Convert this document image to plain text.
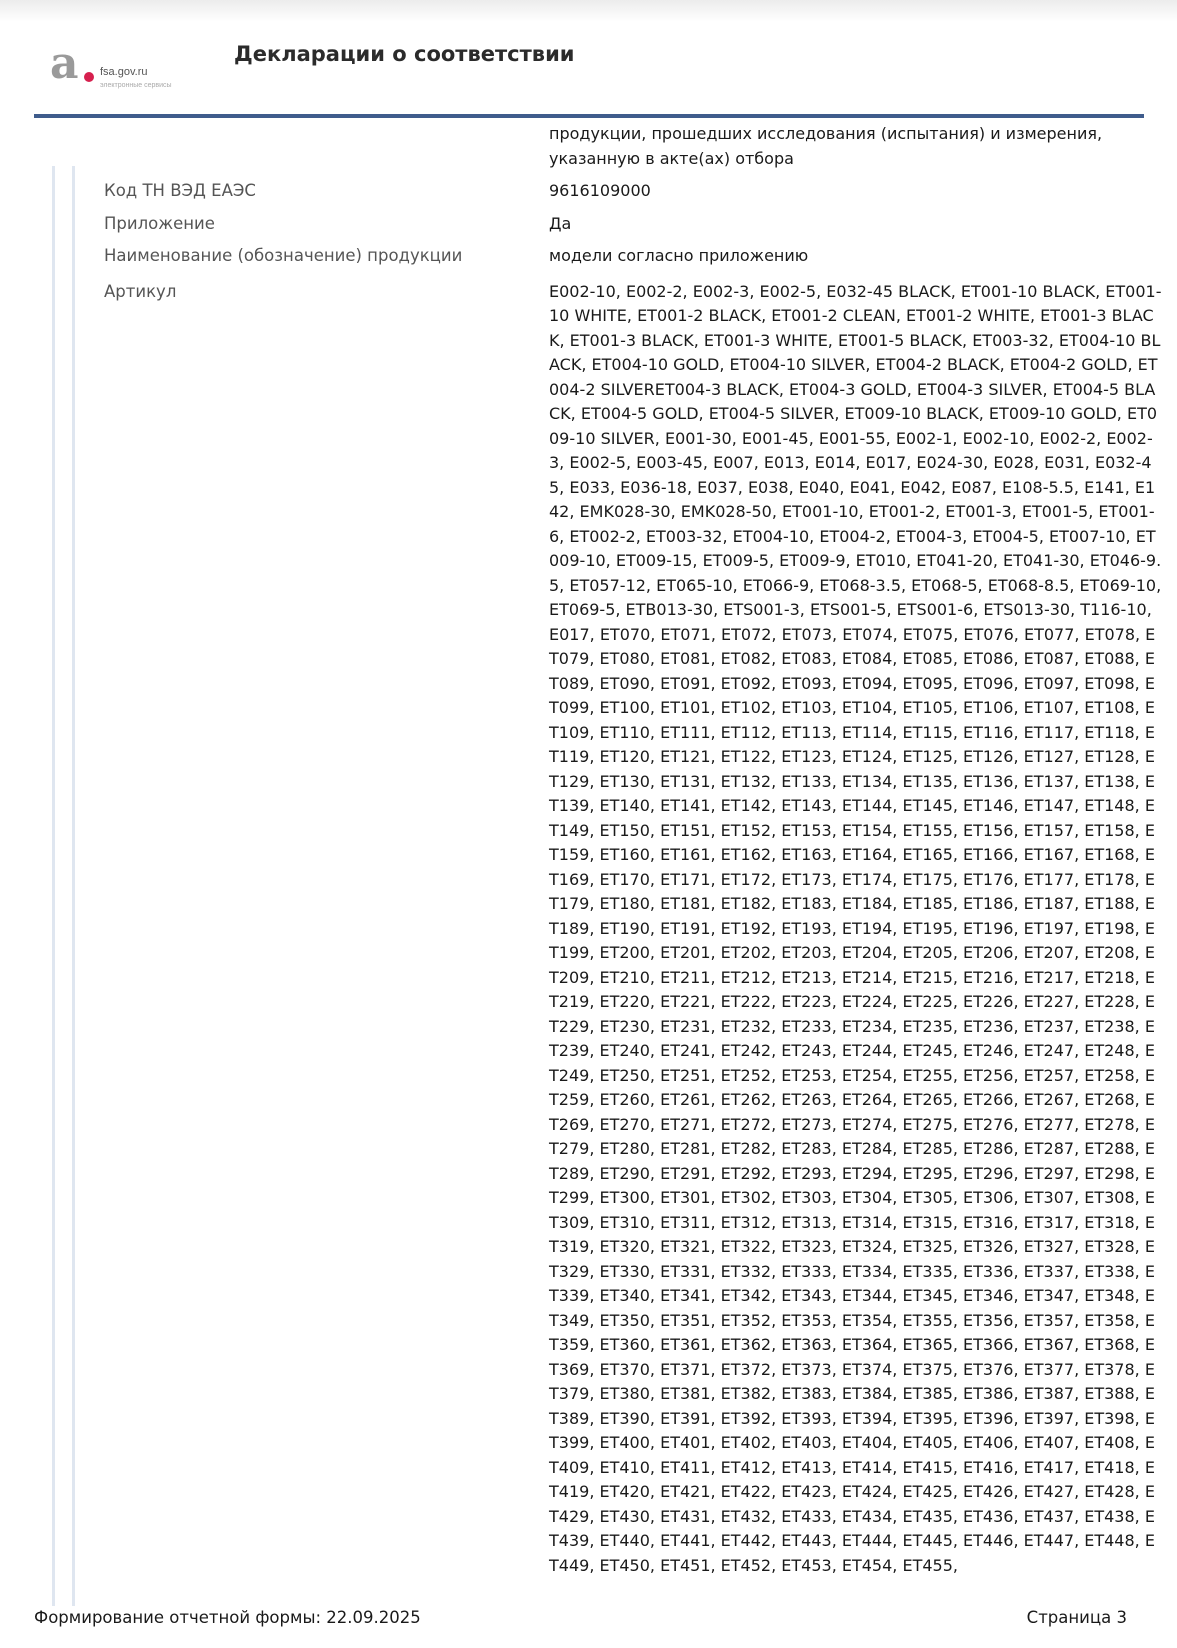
a	fsa.gov.ru
электронные сервисы
Декларации о соответствии
продукции, прошедших исследования (испытания) и измерения, указанную в акте(ах) отбора
Код ТН ВЭД ЕАЭС	9616109000
Приложение	Да
Наименование (обозначение) продукции	модели согласно приложению
Артикул	E002-10, E002-2, E002-3, E002-5, E032-45 BLACK, ET001-10 BLACK, ET001-10 WHITE, ET001-2 BLACK, ET001-2 CLEAN, ET001-2 WHITE, ET001-3 BLACK, ET001-3 BLACK, ET001-3 WHITE, ET001-5 BLACK, ET003-32, ET004-10 BLACK, ET004-10 GOLD, ET004-10 SILVER, ET004-2 BLACK, ET004-2 GOLD, ET004-2 SILVERET004-3 BLACK, ET004-3 GOLD, ET004-3 SILVER, ET004-5 BLACK, ET004-5 GOLD, ET004-5 SILVER, ET009-10 BLACK, ET009-10 GOLD, ET009-10 SILVER, E001-30, E001-45, E001-55, E002-1, E002-10, E002-2, E002-3, E002-5, E003-45, E007, E013, E014, E017, E024-30, E028, E031, E032-45, E033, E036-18, E037, E038, E040, E041, E042, E087, E108-5.5, E141, E142, EMK028-30, EMK028-50, ET001-10, ET001-2, ET001-3, ET001-5, ET001-6, ET002-2, ET003-32, ET004-10, ET004-2, ET004-3, ET004-5, ET007-10, ET009-10, ET009-15, ET009-5, ET009-9, ET010, ET041-20, ET041-30, ET046-9.5, ET057-12, ET065-10, ET066-9, ET068-3.5, ET068-5, ET068-8.5, ET069-10, ET069-5, ETB013-30, ETS001-3, ETS001-5, ETS001-6, ETS013-30, T116-10, E017, ET070, ET071, ET072, ET073, ET074, ET075, ET076, ET077, ET078, ET079, ET080, ET081, ET082, ET083, ET084, ET085, ET086, ET087, ET088, ET089, ET090, ET091, ET092, ET093, ET094, ET095, ET096, ET097, ET098, ET099, ET100, ET101, ET102, ET103, ET104, ET105, ET106, ET107, ET108, ET109, ET110, ET111, ET112, ET113, ET114, ET115, ET116, ET117, ET118, ET119, ET120, ET121, ET122, ET123, ET124, ET125, ET126, ET127, ET128, ET129, ET130, ET131, ET132, ET133, ET134, ET135, ET136, ET137, ET138, ET139, ET140, ET141, ET142, ET143, ET144, ET145, ET146, ET147, ET148, ET149, ET150, ET151, ET152, ET153, ET154, ET155, ET156, ET157, ET158, ET159, ET160, ET161, ET162, ET163, ET164, ET165, ET166, ET167, ET168, ET169, ET170, ET171, ET172, ET173, ET174, ET175, ET176, ET177, ET178, ET179, ET180, ET181, ET182, ET183, ET184, ET185, ET186, ET187, ET188, ET189, ET190, ET191, ET192, ET193, ET194, ET195, ET196, ET197, ET198, ET199, ET200, ET201, ET202, ET203, ET204, ET205, ET206, ET207, ET208, ET209, ET210, ET211, ET212, ET213, ET214, ET215, ET216, ET217, ET218, ET219, ET220, ET221, ET222, ET223, ET224, ET225, ET226, ET227, ET228, ET229, ET230, ET231, ET232, ET233, ET234, ET235, ET236, ET237, ET238, ET239, ET240, ET241, ET242, ET243, ET244, ET245, ET246, ET247, ET248, ET249, ET250, ET251, ET252, ET253, ET254, ET255, ET256, ET257, ET258, ET259, ET260, ET261, ET262, ET263, ET264, ET265, ET266, ET267, ET268, ET269, ET270, ET271, ET272, ET273, ET274, ET275, ET276, ET277, ET278, ET279, ET280, ET281, ET282, ET283, ET284, ET285, ET286, ET287, ET288, ET289, ET290, ET291, ET292, ET293, ET294, ET295, ET296, ET297, ET298, ET299, ET300, ET301, ET302, ET303, ET304, ET305, ET306, ET307, ET308, ET309, ET310, ET311, ET312, ET313, ET314, ET315, ET316, ET317, ET318, ET319, ET320, ET321, ET322, ET323, ET324, ET325, ET326, ET327, ET328, ET329, ET330, ET331, ET332, ET333, ET334, ET335, ET336, ET337, ET338, ET339, ET340, ET341, ET342, ET343, ET344, ET345, ET346, ET347, ET348, ET349, ET350, ET351, ET352, ET353, ET354, ET355, ET356, ET357, ET358, ET359, ET360, ET361, ET362, ET363, ET364, ET365, ET366, ET367, ET368, ET369, ET370, ET371, ET372, ET373, ET374, ET375, ET376, ET377, ET378, ET379, ET380, ET381, ET382, ET383, ET384, ET385, ET386, ET387, ET388, ET389, ET390, ET391, ET392, ET393, ET394, ET395, ET396, ET397, ET398, ET399, ET400, ET401, ET402, ET403, ET404, ET405, ET406, ET407, ET408, ET409, ET410, ET411, ET412, ET413, ET414, ET415, ET416, ET417, ET418, ET419, ET420, ET421, ET422, ET423, ET424, ET425, ET426, ET427, ET428, ET429, ET430, ET431, ET432, ET433, ET434, ET435, ET436, ET437, ET438, ET439, ET440, ET441, ET442, ET443, ET444, ET445, ET446, ET447, ET448, ET449, ET450, ET451, ET452, ET453, ET454, ET455,
Формирование отчетной формы: 22.09.2025	Страница 3
